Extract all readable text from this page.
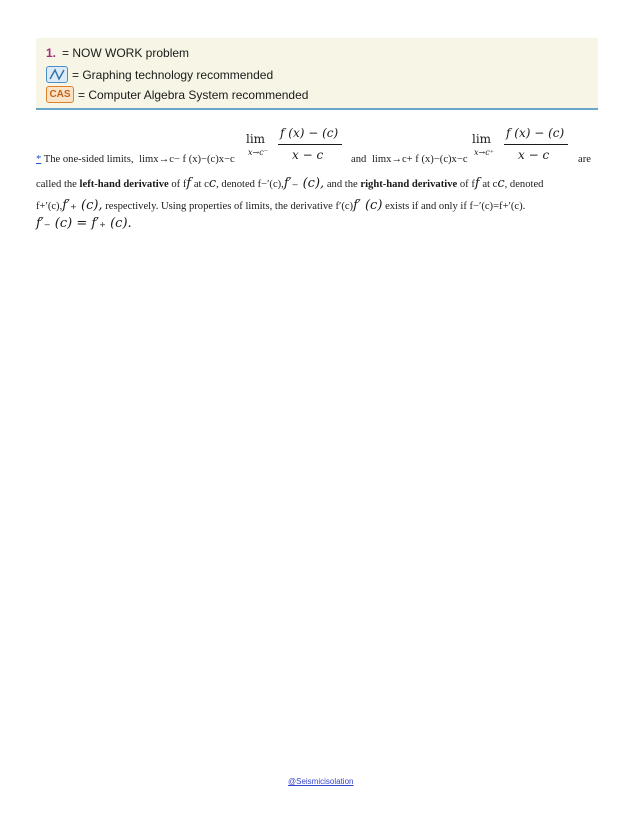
1. = NOW WORK problem
= Graphing technology recommended
CAS = Computer Algebra System recommended
lim
x→c⁻
f (x) − (c)
x − c
lim
x→c⁺
f (x) − (c)
x − c
* The one-sided limits, limx→c− f (x)−(c)x−c	and limx→c+ f (x)−(c)x−c	are
called the left-hand derivative of ff at cc, denoted f−′(c),f′₋ (c), and the right-hand derivative of ff at cc, denoted
f+′(c),f′₊ (c), respectively. Using properties of limits, the derivative f′(c)f′ (c) exists if and only if f−′(c)=f+′(c).
f′₋ (c) = f′₊ (c).
@Seismicisolation
